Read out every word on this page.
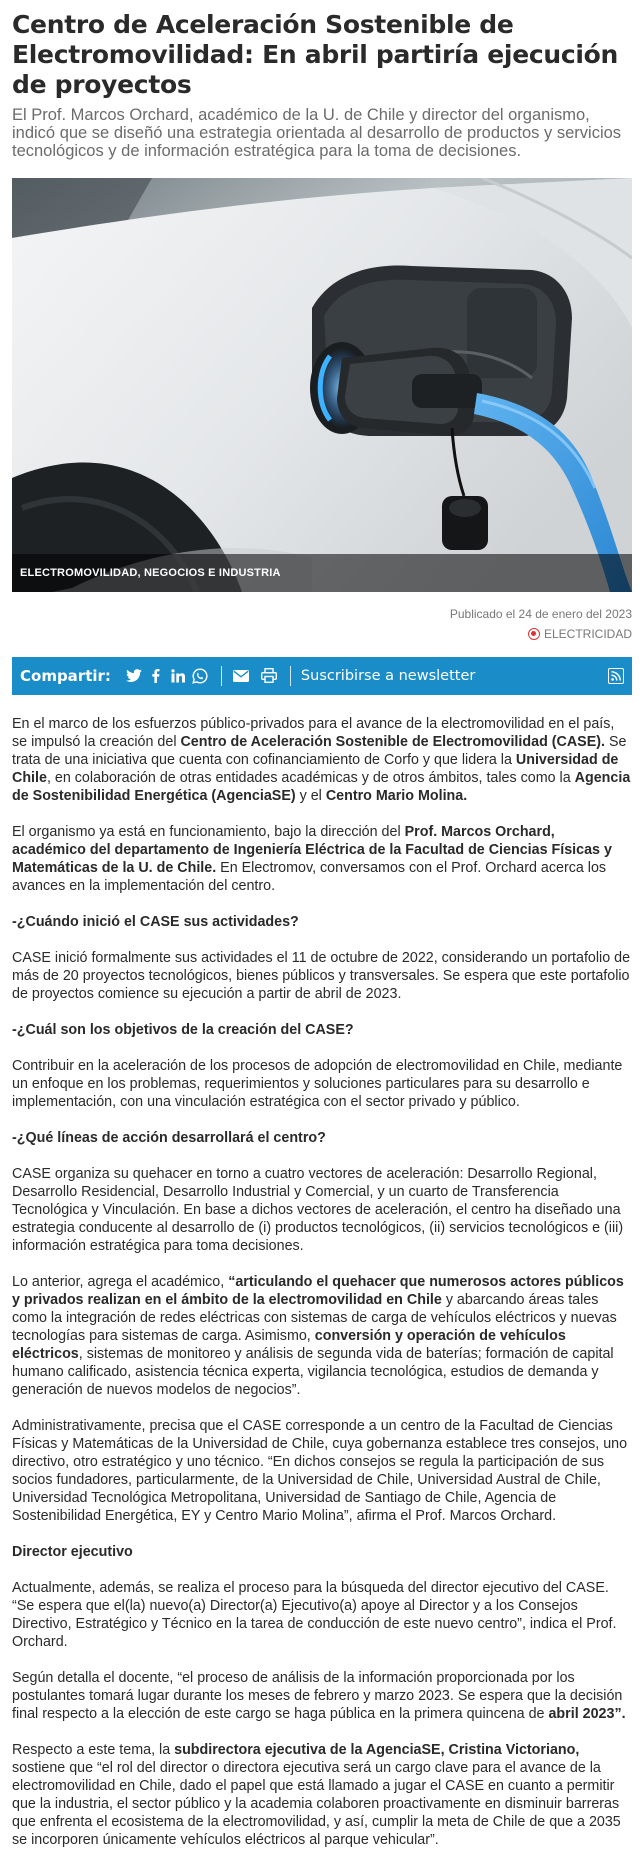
Centro de Aceleración Sostenible de Electromovilidad: En abril partiría ejecución de proyectos

El Prof. Marcos Orchard, académico de la U. de Chile y director del organismo, indicó que se diseñó una estrategia orientada al desarrollo de productos y servicios tecnológicos y de información estratégica para la toma de decisiones.

ELECTROMOVILIDAD, NEGOCIOS E INDUSTRIA
Publicado el 24 de enero del 2023
ELECTRICIDAD
Compartir:	Suscribirse a newsletter

En el marco de los esfuerzos público-privados para el avance de la electromovilidad en el país, se impulsó la creación del Centro de Aceleración Sostenible de Electromovilidad (CASE). Se trata de una iniciativa que cuenta con cofinanciamiento de Corfo y que lidera la Universidad de Chile, en colaboración de otras entidades académicas y de otros ámbitos, tales como la Agencia de Sostenibilidad Energética (AgenciaSE) y el Centro Mario Molina.

El organismo ya está en funcionamiento, bajo la dirección del Prof. Marcos Orchard, académico del departamento de Ingeniería Eléctrica de la Facultad de Ciencias Físicas y Matemáticas de la U. de Chile. En Electromov, conversamos con el Prof. Orchard acerca los avances en la implementación del centro.

-¿Cuándo inició el CASE sus actividades?

CASE inició formalmente sus actividades el 11 de octubre de 2022, considerando un portafolio de más de 20 proyectos tecnológicos, bienes públicos y transversales. Se espera que este portafolio de proyectos comience su ejecución a partir de abril de 2023.

-¿Cuál son los objetivos de la creación del CASE?

Contribuir en la aceleración de los procesos de adopción de electromovilidad en Chile, mediante un enfoque en los problemas, requerimientos y soluciones particulares para su desarrollo e implementación, con una vinculación estratégica con el sector privado y público.

-¿Qué líneas de acción desarrollará el centro?

CASE organiza su quehacer en torno a cuatro vectores de aceleración: Desarrollo Regional, Desarrollo Residencial, Desarrollo Industrial y Comercial, y un cuarto de Transferencia Tecnológica y Vinculación. En base a dichos vectores de aceleración, el centro ha diseñado una estrategia conducente al desarrollo de (i) productos tecnológicos, (ii) servicios tecnológicos e (iii) información estratégica para toma decisiones.

Lo anterior, agrega el académico, “articulando el quehacer que numerosos actores públicos y privados realizan en el ámbito de la electromovilidad en Chile y abarcando áreas tales como la integración de redes eléctricas con sistemas de carga de vehículos eléctricos y nuevas tecnologías para sistemas de carga. Asimismo, conversión y operación de vehículos eléctricos, sistemas de monitoreo y análisis de segunda vida de baterías; formación de capital humano calificado, asistencia técnica experta, vigilancia tecnológica, estudios de demanda y generación de nuevos modelos de negocios”.

Administrativamente, precisa que el CASE corresponde a un centro de la Facultad de Ciencias Físicas y Matemáticas de la Universidad de Chile, cuya gobernanza establece tres consejos, uno directivo, otro estratégico y uno técnico. “En dichos consejos se regula la participación de sus socios fundadores, particularmente, de la Universidad de Chile, Universidad Austral de Chile, Universidad Tecnológica Metropolitana, Universidad de Santiago de Chile, Agencia de Sostenibilidad Energética, EY y Centro Mario Molina”, afirma el Prof. Marcos Orchard.

Director ejecutivo

Actualmente, además, se realiza el proceso para la búsqueda del director ejecutivo del CASE. “Se espera que el(la) nuevo(a) Director(a) Ejecutivo(a) apoye al Director y a los Consejos Directivo, Estratégico y Técnico en la tarea de conducción de este nuevo centro”, indica el Prof. Orchard.

Según detalla el docente, “el proceso de análisis de la información proporcionada por los postulantes tomará lugar durante los meses de febrero y marzo 2023. Se espera que la decisión final respecto a la elección de este cargo se haga pública en la primera quincena de abril 2023”.

Respecto a este tema, la subdirectora ejecutiva de la AgenciaSE, Cristina Victoriano, sostiene que “el rol del director o directora ejecutiva será un cargo clave para el avance de la electromovilidad en Chile, dado el papel que está llamado a jugar el CASE en cuanto a permitir que la industria, el sector público y la academia colaboren proactivamente en disminuir barreras que enfrenta el ecosistema de la electromovilidad, y así, cumplir la meta de Chile de que a 2035 se incorporen únicamente vehículos eléctricos al parque vehicular”.
